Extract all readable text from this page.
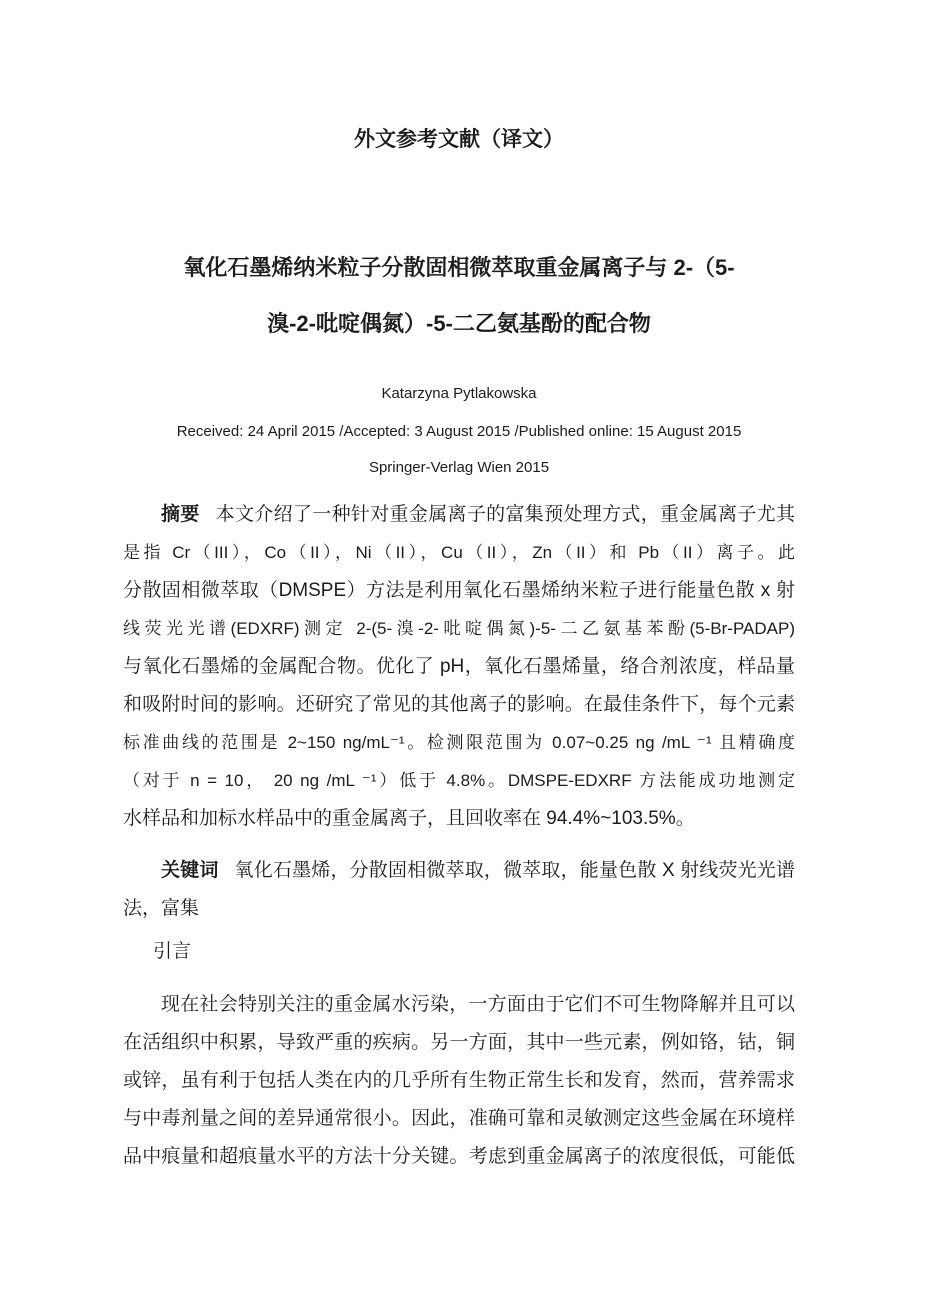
外文参考文献（译文）
氧化石墨烯纳米粒子分散固相微萃取重金属离子与 2-（5-
溴-2-吡啶偶氮）-5-二乙氨基酚的配合物
Katarzyna Pytlakowska
Received: 24 April 2015 /Accepted: 3 August 2015 /Published online: 15 August 2015
Springer-Verlag Wien 2015
摘要 本文介绍了一种针对重金属离子的富集预处理方式，重金属离子尤其
是指 Cr（III），Co（II），Ni（II），Cu（II），Zn（II）和 Pb（II）离子。此
分散固相微萃取（DMSPE）方法是利用氧化石墨烯纳米粒子进行能量色散 x 射
线荧光光谱(EDXRF)测定 2-(5-溴-2-吡啶偶氮)-5-二乙氨基苯酚(5-Br-PADAP)
与氧化石墨烯的金属配合物。优化了 pH，氧化石墨烯量，络合剂浓度，样品量
和吸附时间的影响。还研究了常见的其他离子的影响。在最佳条件下，每个元素
标准曲线的范围是 2~150 ng/mL⁻¹。检测限范围为 0.07~0.25 ng /mL ⁻¹ 且精确度
（对于 n = 10， 20 ng /mL ⁻¹）低于 4.8%。DMSPE-EDXRF 方法能成功地测定
水样品和加标水样品中的重金属离子，且回收率在 94.4%~103.5%。
关键词 氧化石墨烯，分散固相微萃取，微萃取，能量色散 X 射线荧光光谱
法，富集
引言
现在社会特别关注的重金属水污染，一方面由于它们不可生物降解并且可以
在活组织中积累，导致严重的疾病。另一方面，其中一些元素，例如铬，钴，铜
或锌，虽有利于包括人类在内的几乎所有生物正常生长和发育，然而，营养需求
与中毒剂量之间的差异通常很小。因此，准确可靠和灵敏测定这些金属在环境样
品中痕量和超痕量水平的方法十分关键。考虑到重金属离子的浓度很低，可能低
